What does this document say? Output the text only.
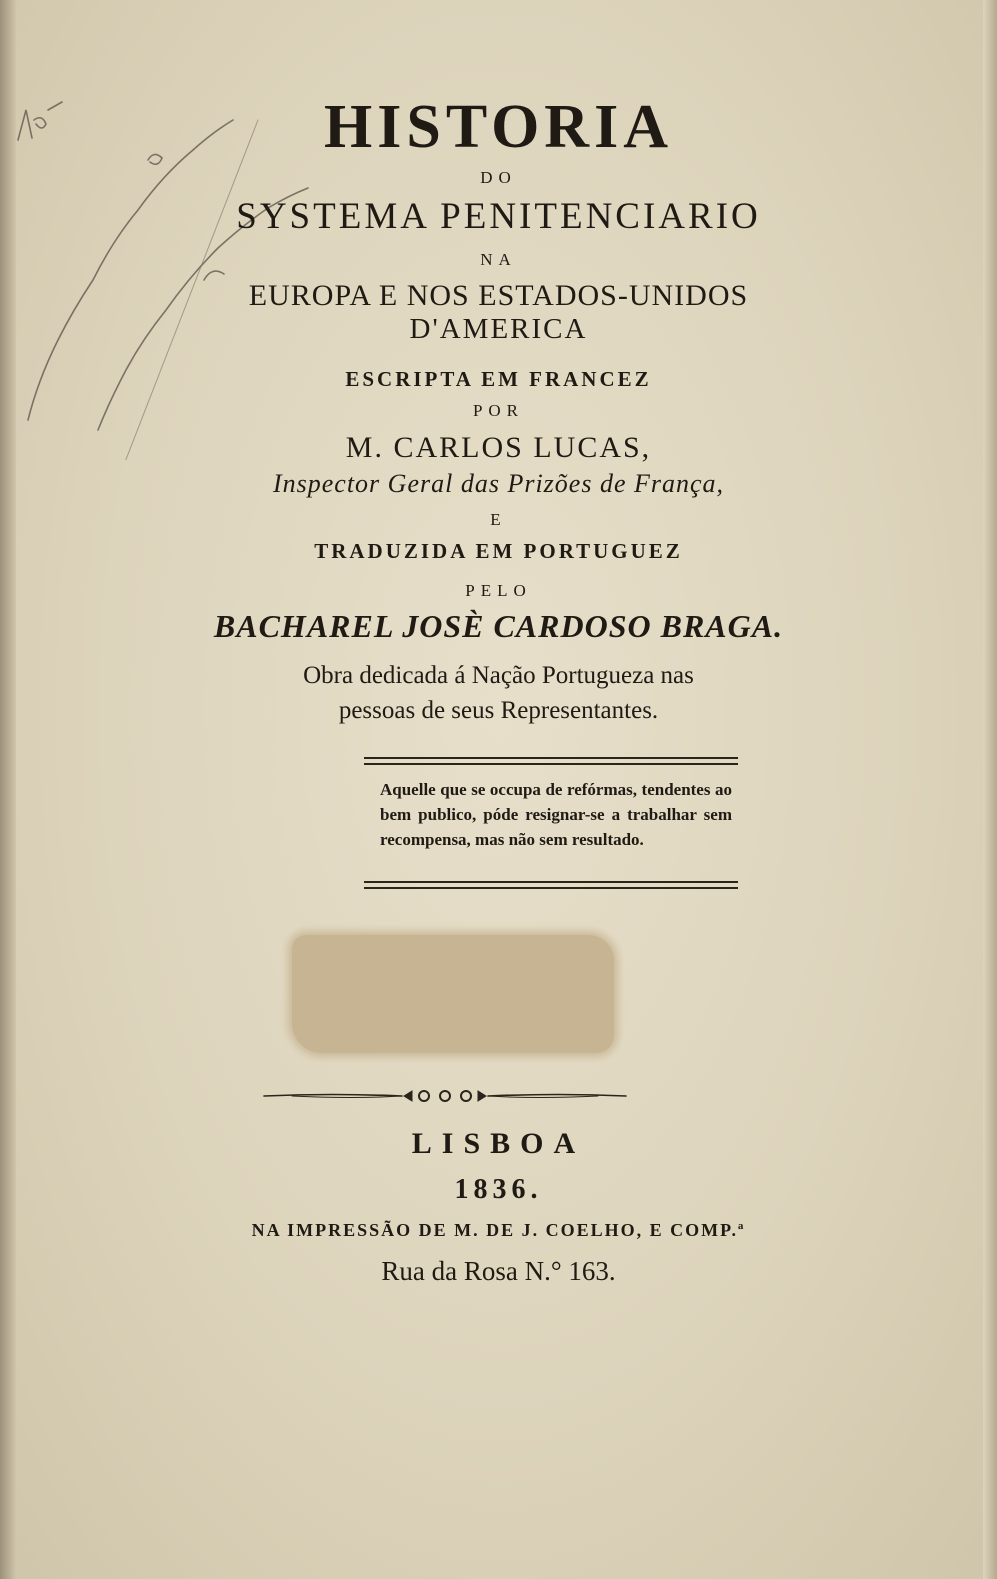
HISTORIA
DO
SYSTEMA PENITENCIARIO
NA
EUROPA E NOS ESTADOS-UNIDOS
D'AMERICA
ESCRIPTA EM FRANCEZ
POR
M. CARLOS LUCAS,
Inspector Geral das Prizões de França,
E
TRADUZIDA EM PORTUGUEZ
PELO
BACHAREL JOSÈ CARDOSO BRAGA.
Obra dedicada á Nação Portugueza nas
pessoas de seus Representantes.
Aquelle que se occupa de refórmas, tendentes ao bem publico, póde resignar-se a trabalhar sem recompensa, mas não sem resultado.
LISBOA
1836.
NA IMPRESSÃO DE M. DE J. COELHO, E COMP.ª
Rua da Rosa N.° 163.
